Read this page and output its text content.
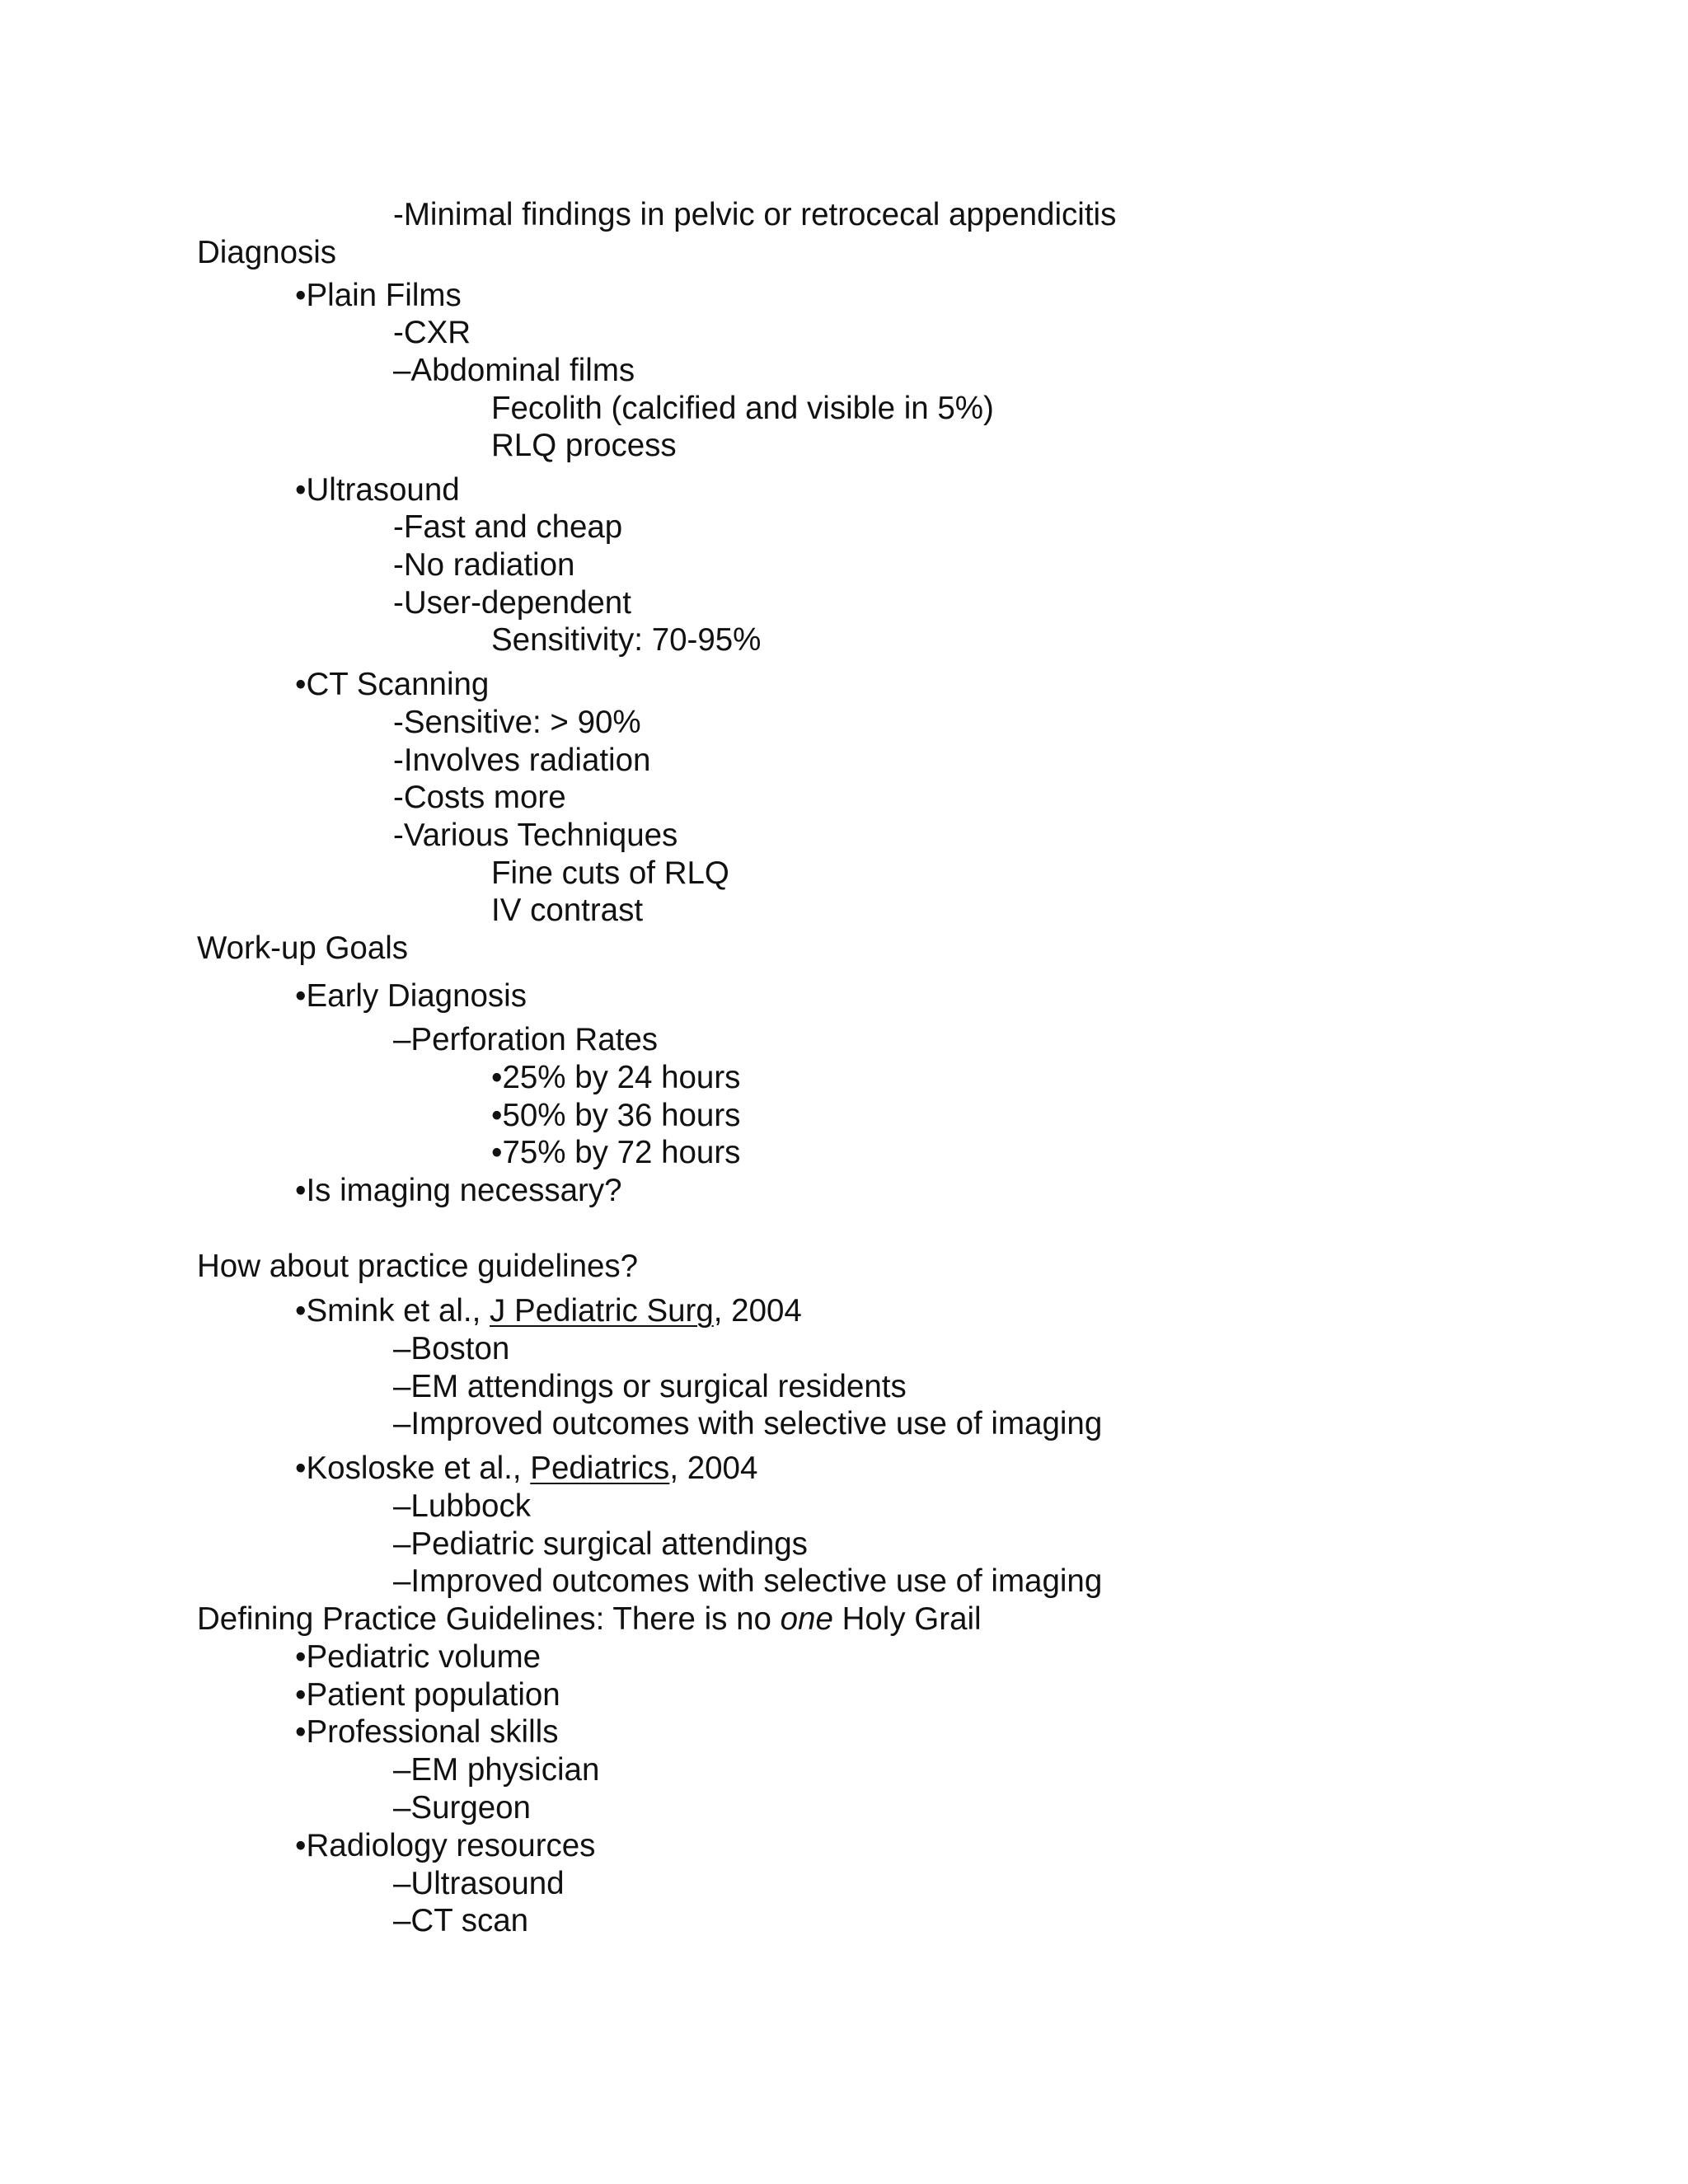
-Minimal findings in pelvic or retrocecal appendicitis
Diagnosis
•Plain Films
-CXR
–Abdominal films
Fecolith (calcified and visible in 5%)
RLQ process
•Ultrasound
-Fast and cheap
-No radiation
-User-dependent
Sensitivity: 70-95%
•CT Scanning
-Sensitive: > 90%
-Involves radiation
-Costs more
-Various Techniques
Fine cuts of RLQ
IV contrast
Work-up Goals
•Early Diagnosis
–Perforation Rates
•25% by 24 hours
•50% by 36 hours
•75% by 72 hours
•Is imaging necessary?
How about practice guidelines?
•Smink et al., J Pediatric Surg, 2004
–Boston
–EM attendings or surgical residents
–Improved outcomes with selective use of imaging
•Kosloske et al., Pediatrics, 2004
–Lubbock
–Pediatric surgical attendings
–Improved outcomes with selective use of imaging
Defining Practice Guidelines: There is no one Holy Grail
•Pediatric volume
•Patient population
•Professional skills
–EM physician
–Surgeon
•Radiology resources
–Ultrasound
–CT scan
